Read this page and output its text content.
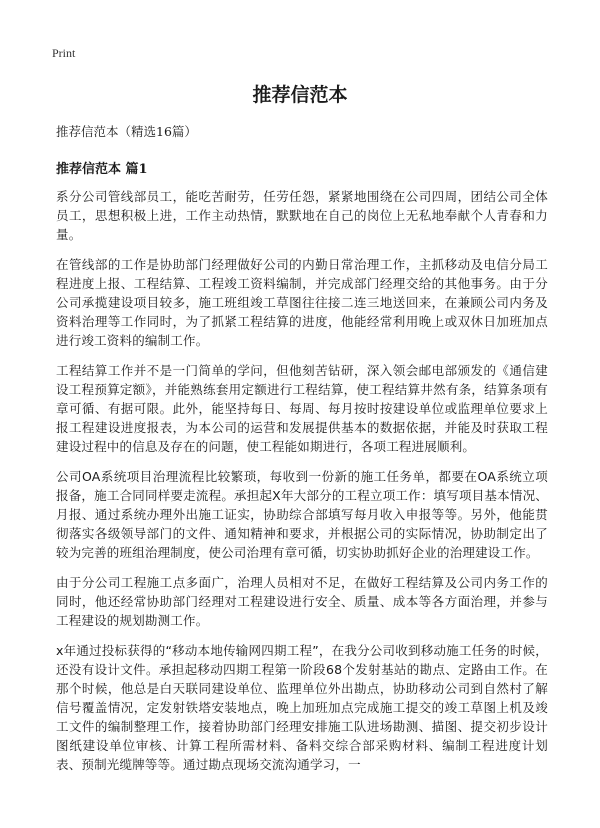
Print
推荐信范本

推荐信范本（精选16篇）

推荐信范本 篇1

系分公司管线部员工，能吃苦耐劳，任劳任怨，紧紧地围绕在公司四周，团结公司全体员工，思想积极上进，工作主动热情，默默地在自己的岗位上无私地奉献个人青春和力量。

在管线部的工作是协助部门经理做好公司的内勤日常治理工作，主抓移动及电信分局工程进度上报、工程结算、工程竣工资料编制，并完成部门经理交给的其他事务。由于分公司承揽建设项目较多，施工班组竣工草图往往接二连三地送回来，在兼顾公司内务及资料治理等工作同时，为了抓紧工程结算的进度，他能经常利用晚上或双休日加班加点进行竣工资料的编制工作。

工程结算工作并不是一门简单的学问，但他刻苦钻研，深入领会邮电部颁发的《通信建设工程预算定额》，并能熟练套用定额进行工程结算，使工程结算井然有条，结算条项有章可循、有据可限。此外，能坚持每日、每周、每月按时按建设单位或监理单位要求上报工程建设进度报表，为本公司的运营和发展提供基本的数据依据，并能及时获取工程建设过程中的信息及存在的问题，使工程能如期进行，各项工程进展顺利。

公司OA系统项目治理流程比较繁琐，每收到一份新的施工任务单，都要在OA系统立项报备，施工合同同样要走流程。承担起X年大部分的工程立项工作：填写项目基本情况、月报、通过系统办理外出施工证实，协助综合部填写每月收入申报等等。另外，他能贯彻落实各级领导部门的文件、通知精神和要求，并根据公司的实际情况，协助制定出了较为完善的班组治理制度，使公司治理有章可循，切实协助抓好企业的治理建设工作。

由于分公司工程施工点多面广，治理人员相对不足，在做好工程结算及公司内务工作的同时，他还经常协助部门经理对工程建设进行安全、质量、成本等各方面治理，并参与工程建设的规划勘测工作。

x年通过投标获得的“移动本地传输网四期工程”，在我分公司收到移动施工任务的时候，还没有设计文件。承担起移动四期工程第一阶段68个发射基站的勘点、定路由工作。在那个时候，他总是白天联同建设单位、监理单位外出勘点，协助移动公司到自然村了解信号覆盖情况，定发射铁塔安装地点，晚上加班加点完成施工提交的竣工草图上机及竣工文件的编制整理工作，接着协助部门经理安排施工队进场勘测、描图、提交初步设计图纸建设单位审核、计算工程所需材料、备料交综合部采购材料、编制工程进度计划表、预制光缆牌等等。通过勘点现场交流沟通学习，一
